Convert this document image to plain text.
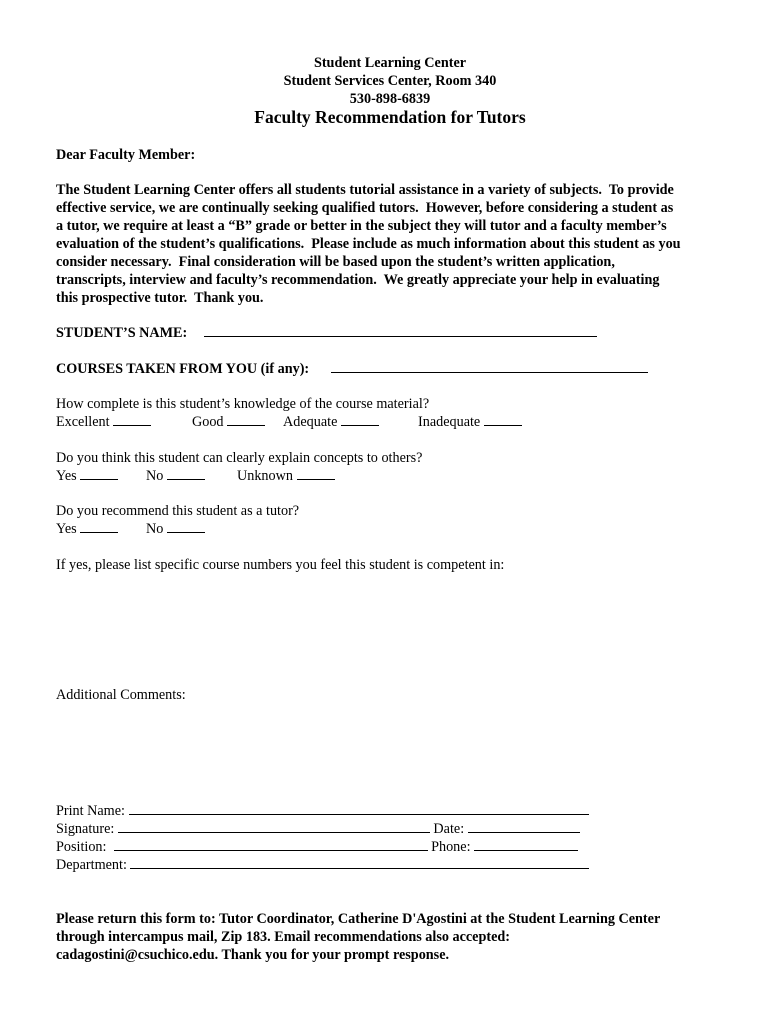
Student Learning Center
Student Services Center, Room 340
530-898-6839
Faculty Recommendation for Tutors
Dear Faculty Member:
The Student Learning Center offers all students tutorial assistance in a variety of subjects.  To provide
effective service, we are continually seeking qualified tutors.  However, before considering a student as
a tutor, we require at least a “B” grade or better in the subject they will tutor and a faculty member’s
evaluation of the student’s qualifications.  Please include as much information about this student as you
consider necessary.  Final consideration will be based upon the student’s written application,
transcripts, interview and faculty’s recommendation.  We greatly appreciate your help in evaluating
this prospective tutor.  Thank you.
STUDENT’S NAME:
COURSES TAKEN FROM YOU (if any):
How complete is this student’s knowledge of the course material?
Excellent	Good	Adequate	Inadequate
Do you think this student can clearly explain concepts to others?
Yes	No	Unknown
Do you recommend this student as a tutor?
Yes	No
If yes, please list specific course numbers you feel this student is competent in:
Additional Comments:
Print Name:
Signature:	Date:
Position:	Phone:
Department:
Please return this form to: Tutor Coordinator, Catherine D'Agostini at the Student Learning Center
through intercampus mail, Zip 183. Email recommendations also accepted:
cadagostini@csuchico.edu. Thank you for your prompt response.
